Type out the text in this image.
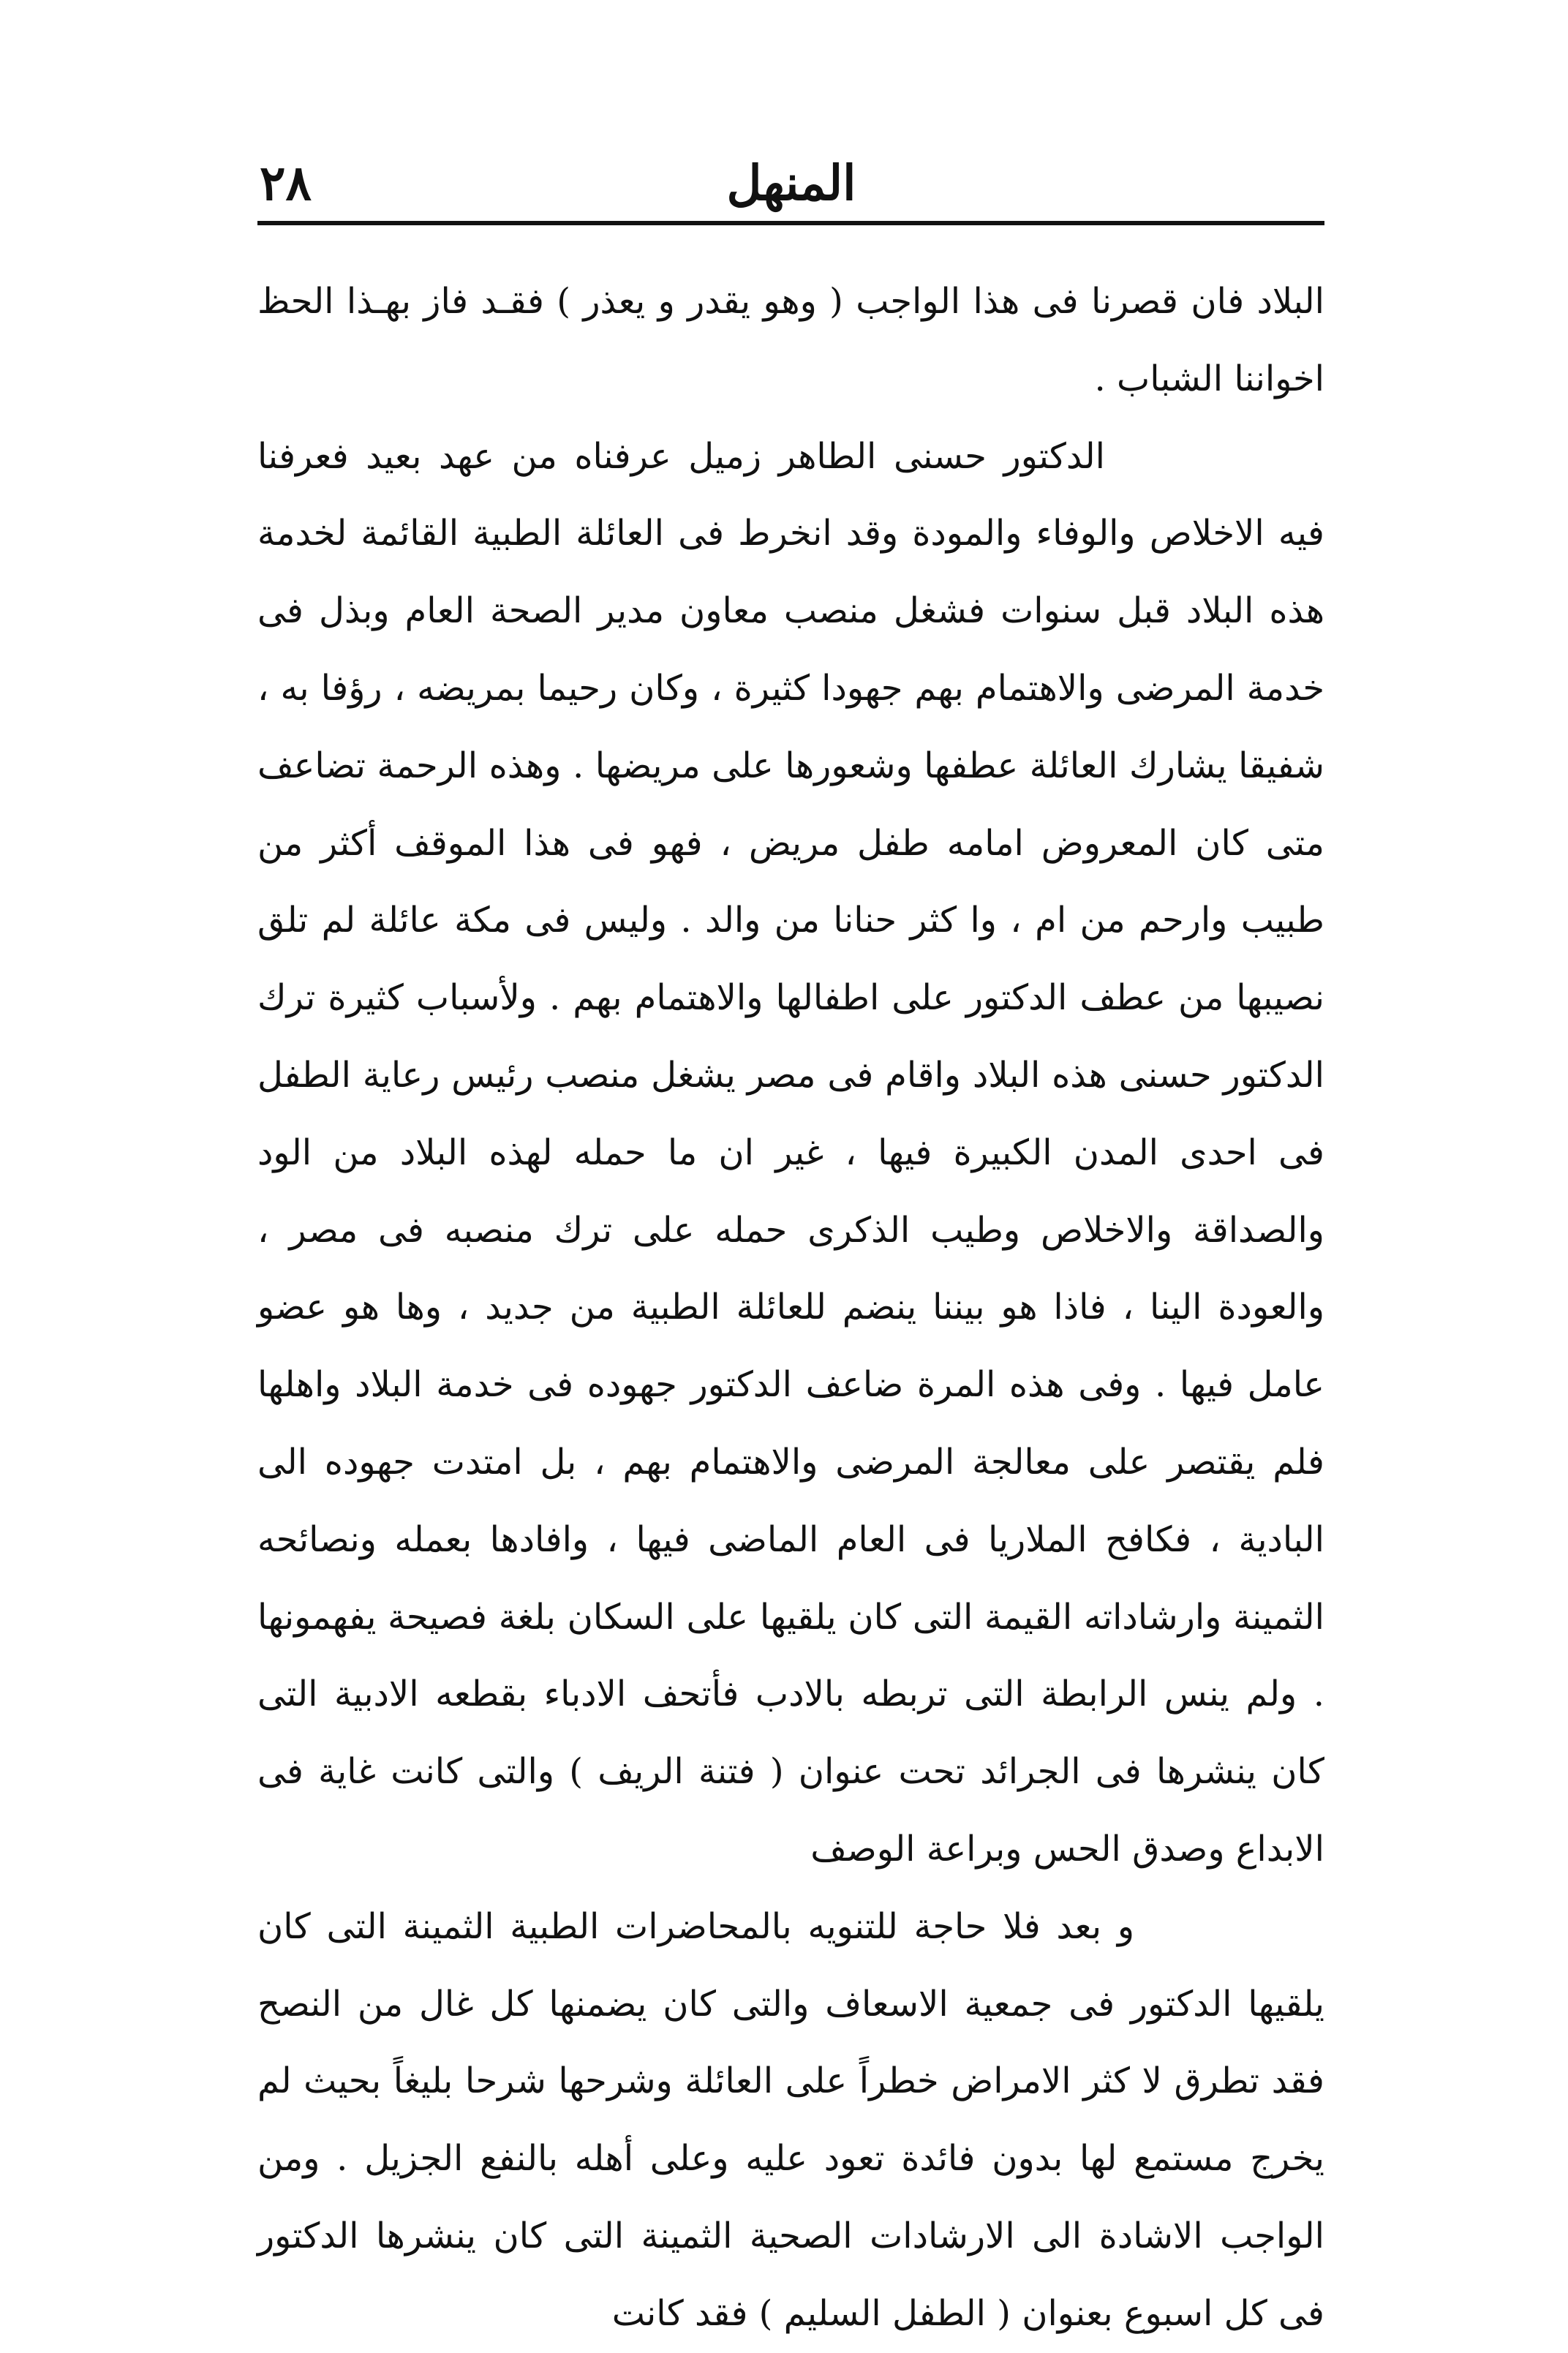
٢٨	المنهل

البلاد فان قصرنا فى هذا الواجب ( وهو يقدر و يعذر ) فقـد فاز بهـذا الحظ اخواننا الشباب .

الدكتور حسنى الطاهر زميل عرفناه من عهد بعيد فعرفنا فيه الاخلاص والوفاء والمودة وقد انخرط فى العائلة الطبية القائمة لخدمة هذه البلاد قبل سنوات فشغل منصب معاون مدير الصحة العام وبذل فى خدمة المرضى والاهتمام بهم جهودا كثيرة ، وكان رحيما بمريضه ، رؤفا به ، شفيقا يشارك العائلة عطفها وشعورها على مريضها . وهذه الرحمة تضاعف متى كان المعروض امامه طفل مريض ، فهو فى هذا الموقف أكثر من طبيب وارحم من ام ، وا كثر حنانا من والد . وليس فى مكة عائلة لم تلق نصيبها من عطف الدكتور على اطفالها والاهتمام بهم . ولأسباب كثيرة ترك الدكتور حسنى هذه البلاد واقام فى مصر يشغل منصب رئيس رعاية الطفل فى احدى المدن الكبيرة فيها ، غير ان ما حمله لهذه البلاد من الود والصداقة والاخلاص وطيب الذكرى حمله على ترك منصبه فى مصر ، والعودة الينا ، فاذا هو بيننا ينضم للعائلة الطبية من جديد ، وها هو عضو عامل فيها . وفى هذه المرة ضاعف الدكتور جهوده فى خدمة البلاد واهلها فلم يقتصر على معالجة المرضى والاهتمام بهم ، بل امتدت جهوده الى البادية ، فكافح الملاريا فى العام الماضى فيها ، وافادها بعمله ونصائحه الثمينة وارشاداته القيمة التى كان يلقيها على السكان بلغة فصيحة يفهمونها . ولم ينس الرابطة التى تربطه بالادب فأتحف الادباء بقطعه الادبية التى كان ينشرها فى الجرائد تحت عنوان ( فتنة الريف ) والتى كانت غاية فى الابداع وصدق الحس وبراعة الوصف

و بعد فلا حاجة للتنويه بالمحاضرات الطبية الثمينة التى كان يلقيها الدكتور فى جمعية الاسعاف والتى كان يضمنها كل غال من النصح فقد تطرق لا كثر الامراض خطراً على العائلة وشرحها شرحا بليغاً بحيث لم يخرج مستمع لها بدون فائدة تعود عليه وعلى أهله بالنفع الجزيل . ومن الواجب الاشادة الى الارشادات الصحية الثمينة التى كان ينشرها الدكتور فى كل اسبوع بعنوان ( الطفل السليم ) فقد كانت
